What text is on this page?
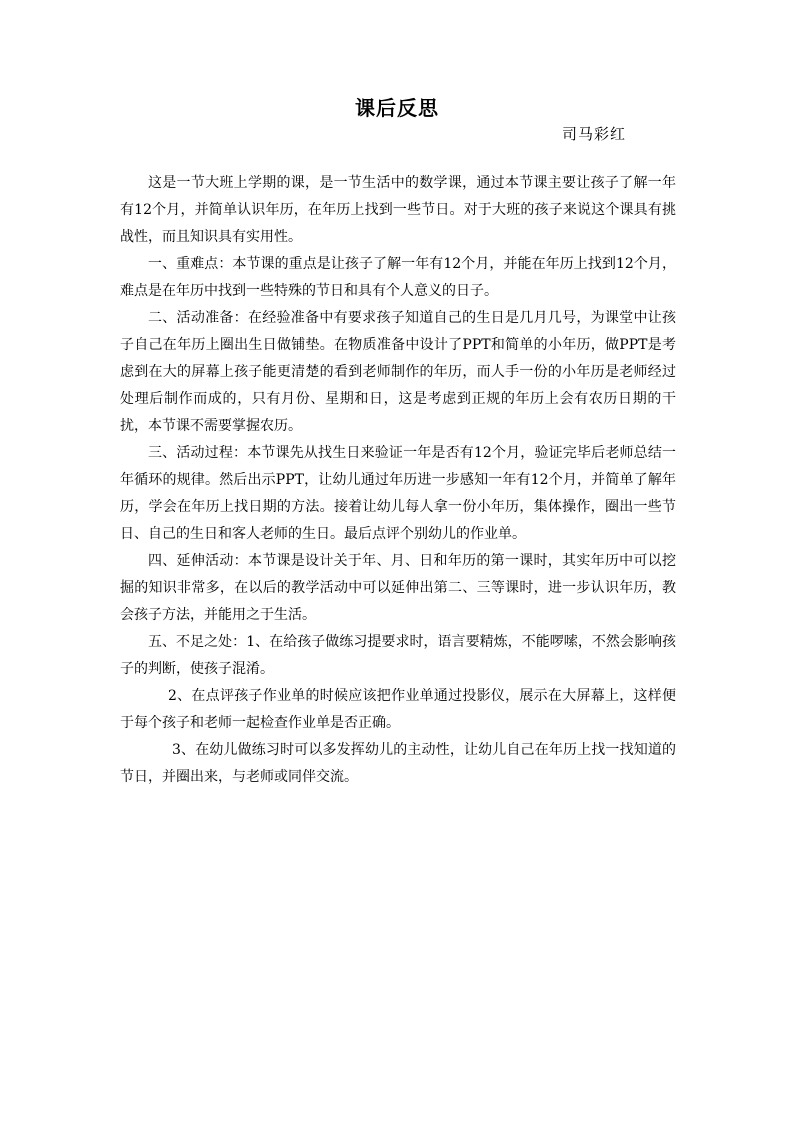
课后反思
司马彩红

这是一节大班上学期的课，是一节生活中的数学课，通过本节课主要让孩子了解一年有12个月，并简单认识年历，在年历上找到一些节日。对于大班的孩子来说这个课具有挑战性，而且知识具有实用性。

一、重难点：本节课的重点是让孩子了解一年有12个月，并能在年历上找到12个月，难点是在年历中找到一些特殊的节日和具有个人意义的日子。

二、活动准备：在经验准备中有要求孩子知道自己的生日是几月几号，为课堂中让孩子自己在年历上圈出生日做铺垫。在物质准备中设计了PPT和简单的小年历，做PPT是考虑到在大的屏幕上孩子能更清楚的看到老师制作的年历，而人手一份的小年历是老师经过处理后制作而成的，只有月份、星期和日，这是考虑到正规的年历上会有农历日期的干扰，本节课不需要掌握农历。

三、活动过程：本节课先从找生日来验证一年是否有12个月，验证完毕后老师总结一年循环的规律。然后出示PPT，让幼儿通过年历进一步感知一年有12个月，并简单了解年历，学会在年历上找日期的方法。接着让幼儿每人拿一份小年历，集体操作，圈出一些节日、自己的生日和客人老师的生日。最后点评个别幼儿的作业单。

四、延伸活动：本节课是设计关于年、月、日和年历的第一课时，其实年历中可以挖掘的知识非常多，在以后的教学活动中可以延伸出第二、三等课时，进一步认识年历，教会孩子方法，并能用之于生活。

五、不足之处：1、在给孩子做练习提要求时，语言要精炼，不能啰嗦，不然会影响孩子的判断，使孩子混淆。

2、在点评孩子作业单的时候应该把作业单通过投影仪，展示在大屏幕上，这样便于每个孩子和老师一起检查作业单是否正确。

3、在幼儿做练习时可以多发挥幼儿的主动性，让幼儿自己在年历上找一找知道的节日，并圈出来，与老师或同伴交流。
